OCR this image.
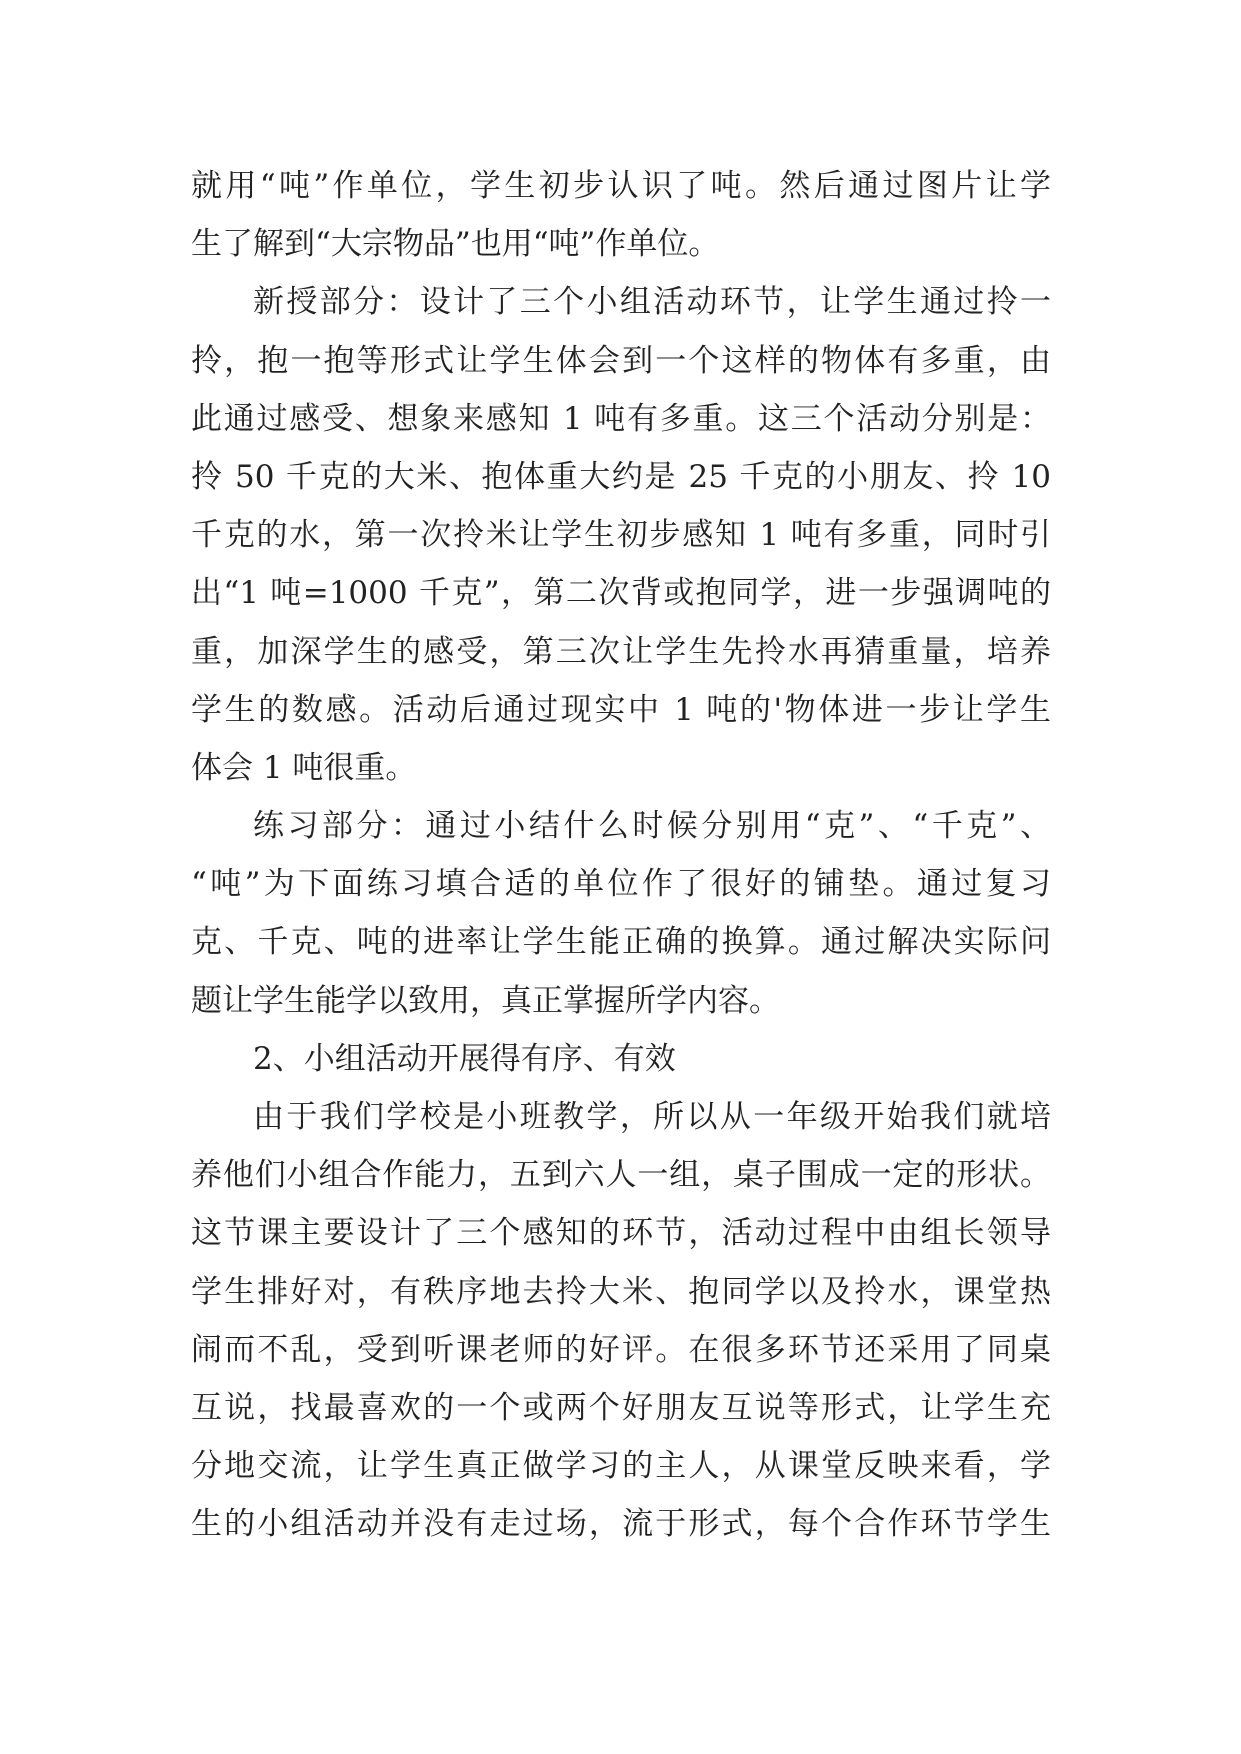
就用“吨”作单位，学生初步认识了吨。然后通过图片让学
生了解到“大宗物品”也用“吨”作单位。
新授部分：设计了三个小组活动环节，让学生通过拎一
拎，抱一抱等形式让学生体会到一个这样的物体有多重，由
此通过感受、想象来感知 1 吨有多重。这三个活动分别是：
拎 50 千克的大米、抱体重大约是 25 千克的小朋友、拎 10
千克的水，第一次拎米让学生初步感知 1 吨有多重，同时引
出“1 吨=1000 千克”，第二次背或抱同学，进一步强调吨的
重，加深学生的感受，第三次让学生先拎水再猜重量，培养
学生的数感。活动后通过现实中 1 吨的'物体进一步让学生
体会 1 吨很重。
练习部分：通过小结什么时候分别用“克”、“千克”、
“吨”为下面练习填合适的单位作了很好的铺垫。通过复习
克、千克、吨的进率让学生能正确的换算。通过解决实际问
题让学生能学以致用，真正掌握所学内容。
2、小组活动开展得有序、有效
由于我们学校是小班教学，所以从一年级开始我们就培
养他们小组合作能力，五到六人一组，桌子围成一定的形状。
这节课主要设计了三个感知的环节，活动过程中由组长领导
学生排好对，有秩序地去拎大米、抱同学以及拎水，课堂热
闹而不乱，受到听课老师的好评。在很多环节还采用了同桌
互说，找最喜欢的一个或两个好朋友互说等形式，让学生充
分地交流，让学生真正做学习的主人，从课堂反映来看，学
生的小组活动并没有走过场，流于形式，每个合作环节学生
